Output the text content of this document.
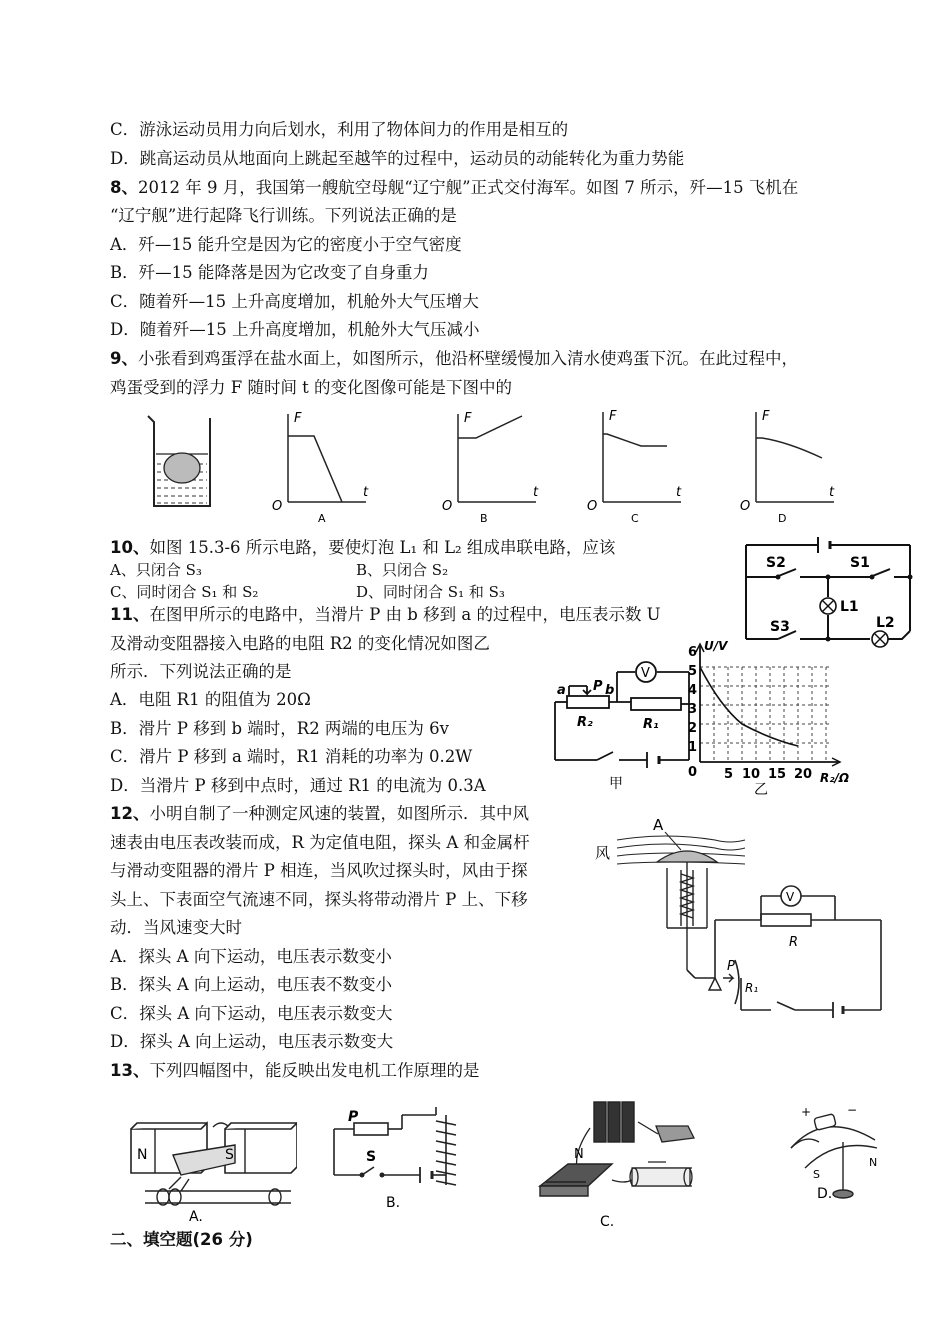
C．游泳运动员用力向后划水，利用了物体间力的作用是相互的
D．跳高运动员从地面向上跳起至越竿的过程中，运动员的动能转化为重力势能
8、2012 年 9 月，我国第一艘航空母舰“辽宁舰”正式交付海军。如图 7 所示，歼—15 飞机在
“辽宁舰”进行起降飞行训练。下列说法正确的是
A．歼—15 能升空是因为它的密度小于空气密度
B．歼—15 能降落是因为它改变了自身重力
C．随着歼—15 上升高度增加，机舱外大气压增大
D．随着歼—15 上升高度增加，机舱外大气压减小
9、小张看到鸡蛋浮在盐水面上，如图所示，他沿杯壁缓慢加入清水使鸡蛋下沉。在此过程中，
鸡蛋受到的浮力 F 随时间 t 的变化图像可能是下图中的
F
t
O
A
F
t
O
B
F
t
O
C
F
t
O
D
10、如图 15.3-6 所示电路，要使灯泡 L₁ 和 L₂ 组成串联电路，应该
A、只闭合 S₃	B、只闭合 S₂
C、同时闭合 S₁ 和 S₂	D、同时闭合 S₁ 和 S₃
S2	S1
L1
S3	L2
11、在图甲所示的电路中，当滑片 P 由 b 移到 a 的过程中，电压表示数 U
及滑动变阻器接入电路的电阻 R2 的变化情况如图乙
所示．下列说法正确的是
A．电阻 R1 的阻值为 20Ω
B．滑片 P 移到 b 端时，R2 两端的电压为 6v
C．滑片 P 移到 a 端时，R1 消耗的功率为 0.2W
D．当滑片 P 移到中点时，通过 R1 的电流为 0.3A
V
a P b
R₂	R₁
甲
U/V
R₂/Ω
0
1
2
3
4
5
6
5 10 15 20
乙
12、小明自制了一种测定风速的装置，如图所示．其中风
速表由电压表改装而成，R 为定值电阻，探头 A 和金属杆
与滑动变阻器的滑片 P 相连，当风吹过探头时，风由于探
头上、下表面空气流速不同，探头将带动滑片 P 上、下移
动．当风速变大时
A．探头 A 向下运动，电压表示数变小
B．探头 A 向上运动，电压表不数变小
C．探头 A 向下运动，电压表示数变大
D．探头 A 向上运动，电压表示数变大
风
A
V
R
P
R₁
13、下列四幅图中，能反映出发电机工作原理的是
N	S
A.
P
S
B.
N
C.
+	−
S
N
D.
二、填空题(26 分)
